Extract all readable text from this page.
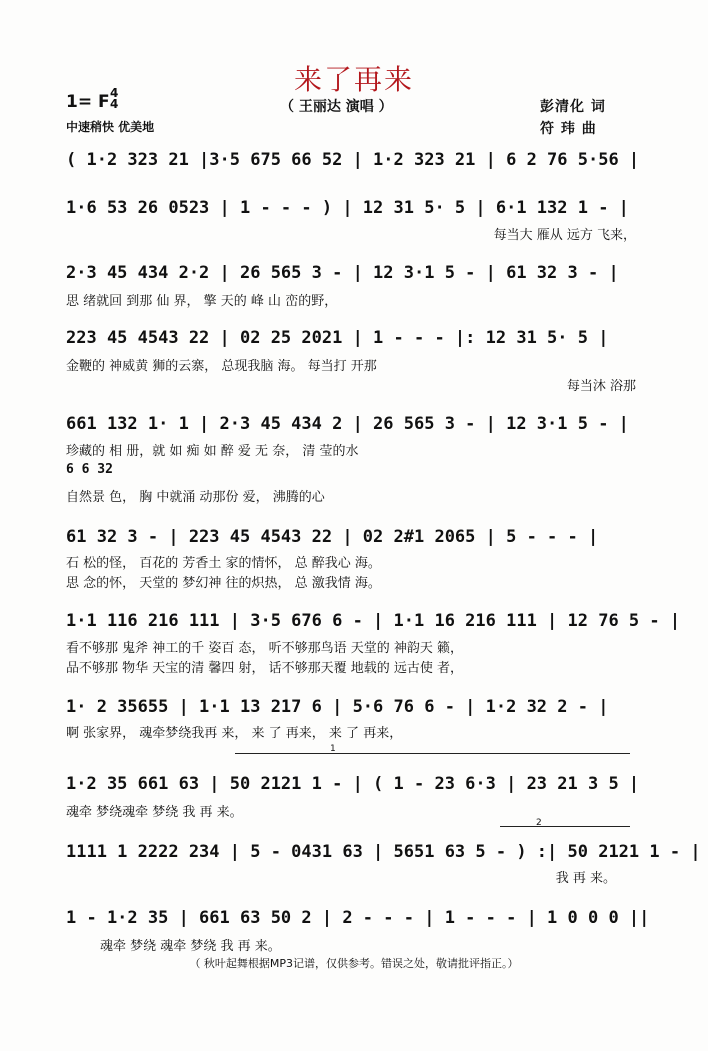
来了再来
1= F 4
4
中速稍快 优美地
（ 王丽达 演唱 ）	彭清化 词
符 玮 曲
( 1·2 323 21 |3·5 675 66 52 | 1·2 323 21 | 6 2 76 5·56 |
1·6 53 26 0523 | 1 - - - ) | 12 31 5· 5 | 6·1 132 1 - |
每当大 雁从 远方 飞来，
2·3 45 434 2·2 | 26 565 3 - | 12 3·1 5 - | 61 32 3 - |
思 绪就回 到那 仙 界， 擎 天的 峰 山 峦的野，
223 45 4543 22 | 02 25 2021 | 1 - - - |: 12 31 5· 5 |
金鞭的 神威黄 狮的云寨， 总现我脑 海。 每当打 开那
每当沐 浴那
661 132 1· 1 | 2·3 45 434 2 | 26 565 3 - | 12 3·1 5 - |
珍藏的 相 册，就 如 痴 如 醉 爱 无 奈， 清 莹的水
6 6 32
自然景 色， 胸 中就涌 动那份 爱， 沸腾的心
61 32 3 - | 223 45 4543 22 | 02 2#1 2065 | 5 - - - |
石 松的怪， 百花的 芳香土 家的情怀， 总 醉我心 海。
思 念的怀， 天堂的 梦幻神 往的炽热， 总 激我情 海。
1·1 116 216 111 | 3·5 676 6 - | 1·1 16 216 111 | 12 76 5 - |
看不够那 鬼斧 神工的千 姿百 态， 听不够那鸟语 天堂的 神韵天 籁，
品不够那 物华 天宝的清 馨四 射， 话不够那天覆 地载的 远古使 者，
1· 2 35655 | 1·1 13 217 6 | 5·6 76 6 - | 1·2 32 2 - |
啊 张家界， 魂牵梦绕我再 来， 来 了 再来， 来 了 再来，
1
1·2 35 661 63 | 50 2121 1 - | ( 1 - 23 6·3 | 23 21 3 5 |
魂牵 梦绕魂牵 梦绕 我 再 来。
2
1111 1 2222 234 | 5 - 0431 63 | 5651 63 5 - ) :| 50 2121 1 - |
我 再 来。
1 - 1·2 35 | 661 63 50 2 | 2 - - - | 1 - - - | 1 0 0 0 ||
魂牵 梦绕 魂牵 梦绕 我 再 来。
（ 秋叶起舞根据MP3记谱，仅供参考。错误之处，敬请批评指正。）
